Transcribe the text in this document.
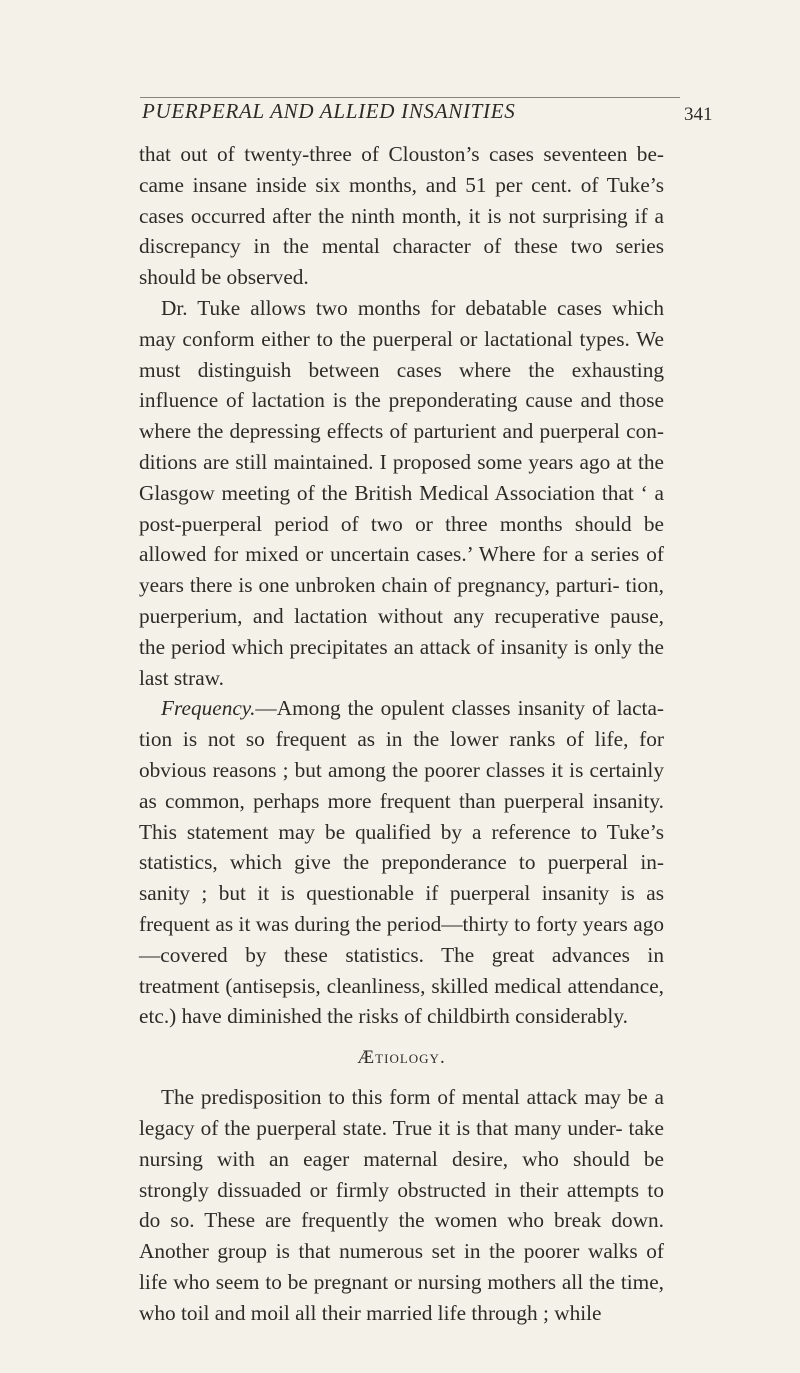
PUERPERAL AND ALLIED INSANITIES	341

that out of twenty-three of Clouston’s cases seventeen be- came insane inside six months, and 51 per cent. of Tuke’s cases occurred after the ninth month, it is not surprising if a discrepancy in the mental character of these two series should be observed.

Dr. Tuke allows two months for debatable cases which may conform either to the puerperal or lactational types. We must distinguish between cases where the exhausting influence of lactation is the preponderating cause and those where the depressing effects of parturient and puerperal con- ditions are still maintained. I proposed some years ago at the Glasgow meeting of the British Medical Association that ‘ a post-puerperal period of two or three months should be allowed for mixed or uncertain cases.’ Where for a series of years there is one unbroken chain of pregnancy, parturi- tion, puerperium, and lactation without any recuperative pause, the period which precipitates an attack of insanity is only the last straw.

Frequency.—Among the opulent classes insanity of lacta- tion is not so frequent as in the lower ranks of life, for obvious reasons ; but among the poorer classes it is certainly as common, perhaps more frequent than puerperal insanity. This statement may be qualified by a reference to Tuke’s statistics, which give the preponderance to puerperal in- sanity ; but it is questionable if puerperal insanity is as frequent as it was during the period—thirty to forty years ago—covered by these statistics. The great advances in treatment (antisepsis, cleanliness, skilled medical attendance, etc.) have diminished the risks of childbirth considerably.

Ætiology.

The predisposition to this form of mental attack may be a legacy of the puerperal state. True it is that many under- take nursing with an eager maternal desire, who should be strongly dissuaded or firmly obstructed in their attempts to do so. These are frequently the women who break down. Another group is that numerous set in the poorer walks of life who seem to be pregnant or nursing mothers all the time, who toil and moil all their married life through ; while
